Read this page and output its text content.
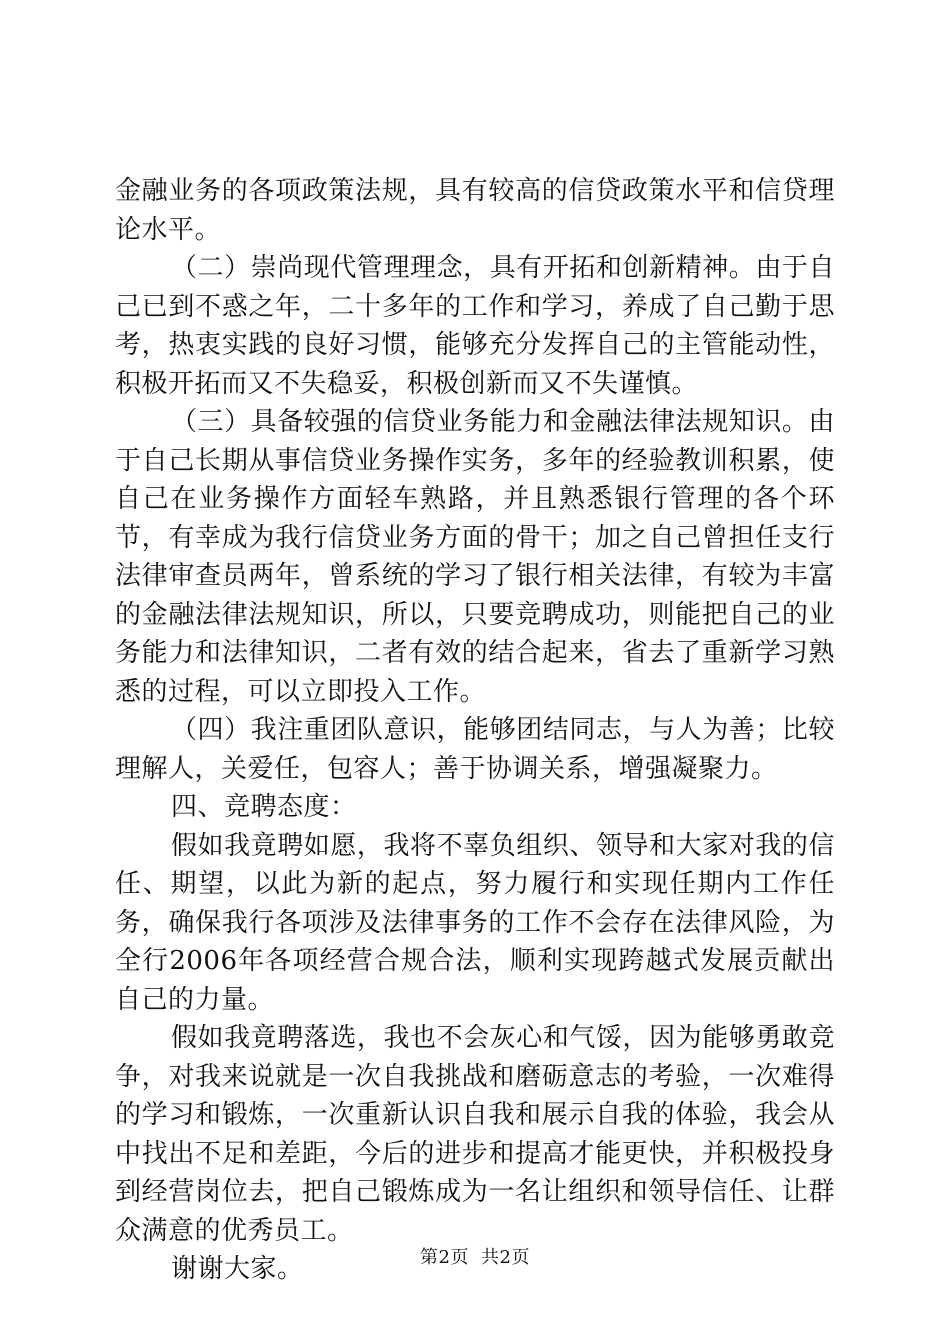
金融业务的各项政策法规，具有较高的信贷政策水平和信贷理论水平。

（二）崇尚现代管理理念，具有开拓和创新精神。由于自己已到不惑之年，二十多年的工作和学习，养成了自己勤于思考，热衷实践的良好习惯，能够充分发挥自己的主管能动性，积极开拓而又不失稳妥，积极创新而又不失谨慎。

（三）具备较强的信贷业务能力和金融法律法规知识。由于自己长期从事信贷业务操作实务，多年的经验教训积累，使自己在业务操作方面轻车熟路，并且熟悉银行管理的各个环节，有幸成为我行信贷业务方面的骨干；加之自己曾担任支行法律审查员两年，曾系统的学习了银行相关法律，有较为丰富的金融法律法规知识，所以，只要竞聘成功，则能把自己的业务能力和法律知识，二者有效的结合起来，省去了重新学习熟悉的过程，可以立即投入工作。

（四）我注重团队意识，能够团结同志，与人为善；比较理解人，关爱任，包容人；善于协调关系，增强凝聚力。

四、竞聘态度：

假如我竟聘如愿，我将不辜负组织、领导和大家对我的信任、期望，以此为新的起点，努力履行和实现任期内工作任务，确保我行各项涉及法律事务的工作不会存在法律风险，为全行2006年各项经营合规合法，顺利实现跨越式发展贡献出自己的力量。

假如我竟聘落选，我也不会灰心和气馁，因为能够勇敢竞争，对我来说就是一次自我挑战和磨砺意志的考验，一次难得的学习和锻炼，一次重新认识自我和展示自我的体验，我会从中找出不足和差距，今后的进步和提高才能更快，并积极投身到经营岗位去，把自己锻炼成为一名让组织和领导信任、让群众满意的优秀员工。

谢谢大家。	第2页 共2页
